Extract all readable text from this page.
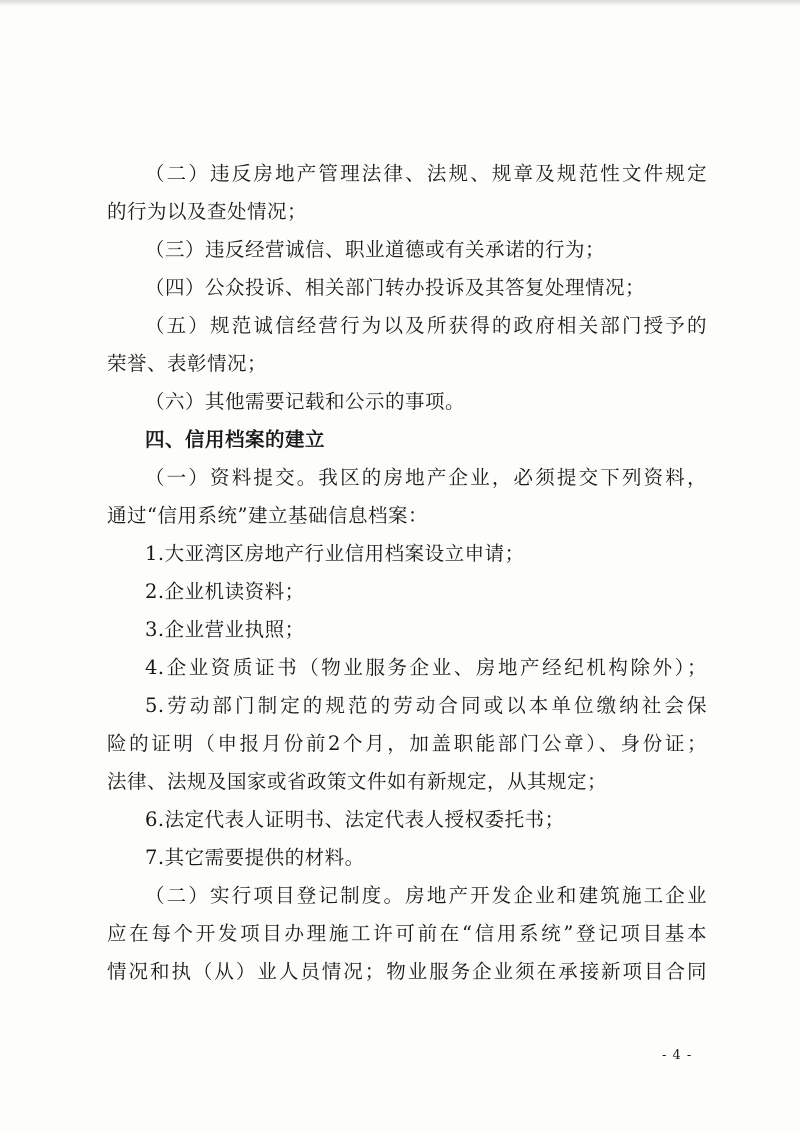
（二）违反房地产管理法律、法规、规章及规范性文件规定
的行为以及查处情况；
（三）违反经营诚信、职业道德或有关承诺的行为；
（四）公众投诉、相关部门转办投诉及其答复处理情况；
（五）规范诚信经营行为以及所获得的政府相关部门授予的
荣誉、表彰情况；
（六）其他需要记载和公示的事项。
四、信用档案的建立
（一）资料提交。我区的房地产企业，必须提交下列资料，
通过“信用系统”建立基础信息档案：
1.大亚湾区房地产行业信用档案设立申请；
2.企业机读资料；
3.企业营业执照；
4.企业资质证书（物业服务企业、房地产经纪机构除外）；
5.劳动部门制定的规范的劳动合同或以本单位缴纳社会保
险的证明（申报月份前2个月，加盖职能部门公章）、身份证；
法律、法规及国家或省政策文件如有新规定，从其规定；
6.法定代表人证明书、法定代表人授权委托书；
7.其它需要提供的材料。
（二）实行项目登记制度。房地产开发企业和建筑施工企业
应在每个开发项目办理施工许可前在“信用系统”登记项目基本
情况和执（从）业人员情况；物业服务企业须在承接新项目合同
- 4 -
